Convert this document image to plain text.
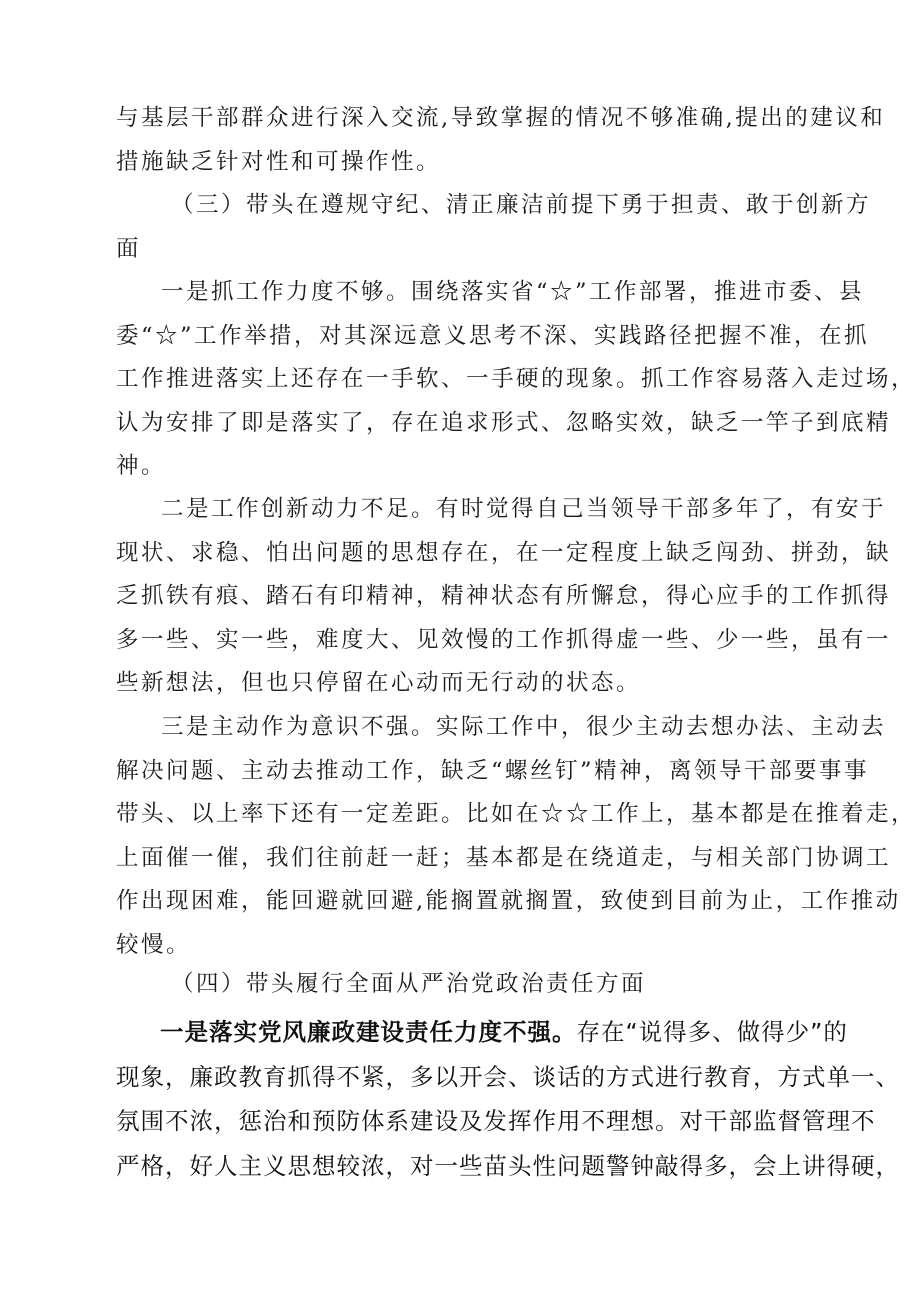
与基层干部群众进行深入交流,导致掌握的情况不够准确,提出的建议和
措施缺乏针对性和可操作性。
（三）带头在遵规守纪、清正廉洁前提下勇于担责、敢于创新方
面
一是抓工作力度不够。围绕落实省“☆”工作部署，推进市委、县
委“☆”工作举措，对其深远意义思考不深、实践路径把握不准，在抓
工作推进落实上还存在一手软、一手硬的现象。抓工作容易落入走过场，
认为安排了即是落实了，存在追求形式、忽略实效，缺乏一竿子到底精
神。
二是工作创新动力不足。有时觉得自己当领导干部多年了，有安于
现状、求稳、怕出问题的思想存在，在一定程度上缺乏闯劲、拼劲，缺
乏抓铁有痕、踏石有印精神，精神状态有所懈怠，得心应手的工作抓得
多一些、实一些，难度大、见效慢的工作抓得虚一些、少一些，虽有一
些新想法，但也只停留在心动而无行动的状态。
三是主动作为意识不强。实际工作中，很少主动去想办法、主动去
解决问题、主动去推动工作，缺乏“螺丝钉”精神，离领导干部要事事
带头、以上率下还有一定差距。比如在☆☆工作上，基本都是在推着走，
上面催一催，我们往前赶一赶；基本都是在绕道走，与相关部门协调工
作出现困难，能回避就回避,能搁置就搁置，致使到目前为止，工作推动
较慢。
（四）带头履行全面从严治党政治责任方面
一是落实党风廉政建设责任力度不强。存在“说得多、做得少”的
现象，廉政教育抓得不紧，多以开会、谈话的方式进行教育，方式单一、
氛围不浓，惩治和预防体系建设及发挥作用不理想。对干部监督管理不
严格，好人主义思想较浓，对一些苗头性问题警钟敲得多，会上讲得硬，
